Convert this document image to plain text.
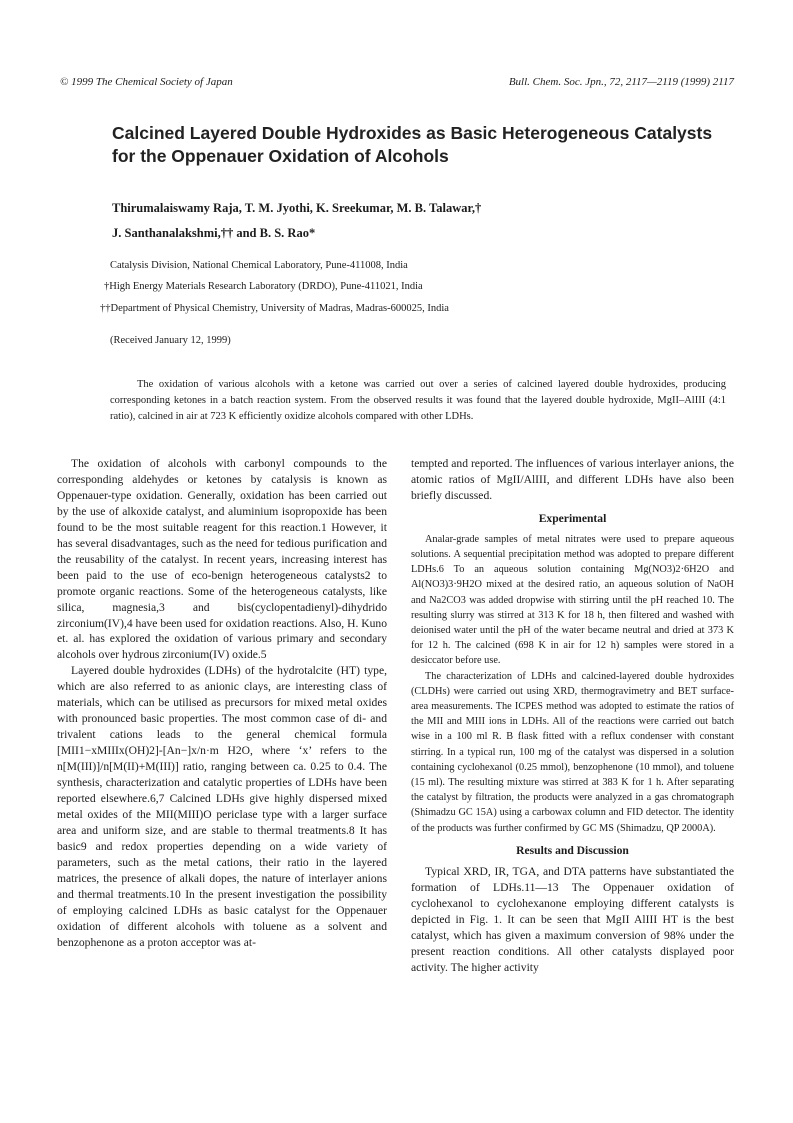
© 1999 The Chemical Society of Japan	Bull. Chem. Soc. Jpn., 72, 2117—2119 (1999) 2117
Calcined Layered Double Hydroxides as Basic Heterogeneous Catalysts
for the Oppenauer Oxidation of Alcohols
Thirumalaiswamy Raja, T. M. Jyothi, K. Sreekumar, M. B. Talawar,†
J. Santhanalakshmi,†† and B. S. Rao*
Catalysis Division, National Chemical Laboratory, Pune-411008, India
†High Energy Materials Research Laboratory (DRDO), Pune-411021, India
††Department of Physical Chemistry, University of Madras, Madras-600025, India
(Received January 12, 1999)
The oxidation of various alcohols with a ketone was carried out over a series of calcined layered double hydroxides, producing corresponding ketones in a batch reaction system. From the observed results it was found that the layered double hydroxide, MgII–AlIII (4:1 ratio), calcined in air at 723 K efficiently oxidize alcohols compared with other LDHs.

The oxidation of alcohols with carbonyl compounds to the corresponding aldehydes or ketones by catalysis is known as Oppenauer-type oxidation. Generally, oxidation has been carried out by the use of alkoxide catalyst, and aluminium isopropoxide has been found to be the most suitable reagent for this reaction.1 However, it has several disadvantages, such as the need for tedious purification and the reusability of the catalyst. In recent years, increasing interest has been paid to the use of eco-benign heterogeneous catalysts2 to promote organic reactions. Some of the heterogeneous catalysts, like silica, magnesia,3 and bis(cyclopentadienyl)-dihydrido zirconium(IV),4 have been used for oxidation reactions. Also, H. Kuno et. al. has explored the oxidation of various primary and secondary alcohols over hydrous zirconium(IV) oxide.5

Layered double hydroxides (LDHs) of the hydrotalcite (HT) type, which are also referred to as anionic clays, are interesting class of materials, which can be utilised as precursors for mixed metal oxides with pronounced basic properties. The most common case of di- and trivalent cations leads to the general chemical formula [MII1−xMIIIx(OH)2]-[An−]x/n·m H2O, where ‘x’ refers to the n[M(III)]/n[M(II)+M(III)] ratio, ranging between ca. 0.25 to 0.4. The synthesis, characterization and catalytic properties of LDHs have been reported elsewhere.6,7 Calcined LDHs give highly dispersed mixed metal oxides of the MII(MIII)O periclase type with a larger surface area and uniform size, and are stable to thermal treatments.8 It has basic9 and redox properties depending on a wide variety of parameters, such as the metal cations, their ratio in the layered matrices, the presence of alkali dopes, the nature of interlayer anions and thermal treatments.10 In the present investigation the possibility of employing calcined LDHs as basic catalyst for the Oppenauer oxidation of different alcohols with toluene as a solvent and benzophenone as a proton acceptor was at-

tempted and reported. The influences of various interlayer anions, the atomic ratios of MgII/AlIII, and different LDHs have also been briefly discussed.

Experimental

Analar-grade samples of metal nitrates were used to prepare aqueous solutions. A sequential precipitation method was adopted to prepare different LDHs.6 To an aqueous solution containing Mg(NO3)2·6H2O and Al(NO3)3·9H2O mixed at the desired ratio, an aqueous solution of NaOH and Na2CO3 was added dropwise with stirring until the pH reached 10. The resulting slurry was stirred at 313 K for 18 h, then filtered and washed with deionised water until the pH of the water became neutral and dried at 373 K for 12 h. The calcined (698 K in air for 12 h) samples were stored in a desiccator before use.

The characterization of LDHs and calcined-layered double hydroxides (CLDHs) were carried out using XRD, thermogravimetry and BET surface-area measurements. The ICPES method was adopted to estimate the ratios of the MII and MIII ions in LDHs. All of the reactions were carried out batch wise in a 100 ml R. B flask fitted with a reflux condenser with constant stirring. In a typical run, 100 mg of the catalyst was dispersed in a solution containing cyclohexanol (0.25 mmol), benzophenone (10 mmol), and toluene (15 ml). The resulting mixture was stirred at 383 K for 1 h. After separating the catalyst by filtration, the products were analyzed in a gas chromatograph (Shimadzu GC 15A) using a carbowax column and FID detector. The identity of the products was further confirmed by GC MS (Shimadzu, QP 2000A).

Results and Discussion

Typical XRD, IR, TGA, and DTA patterns have substantiated the formation of LDHs.11—13 The Oppenauer oxidation of cyclohexanol to cyclohexanone employing different catalysts is depicted in Fig. 1. It can be seen that MgII AlIII HT is the best catalyst, which has given a maximum conversion of 98% under the present reaction conditions. All other catalysts displayed poor activity. The higher activity
